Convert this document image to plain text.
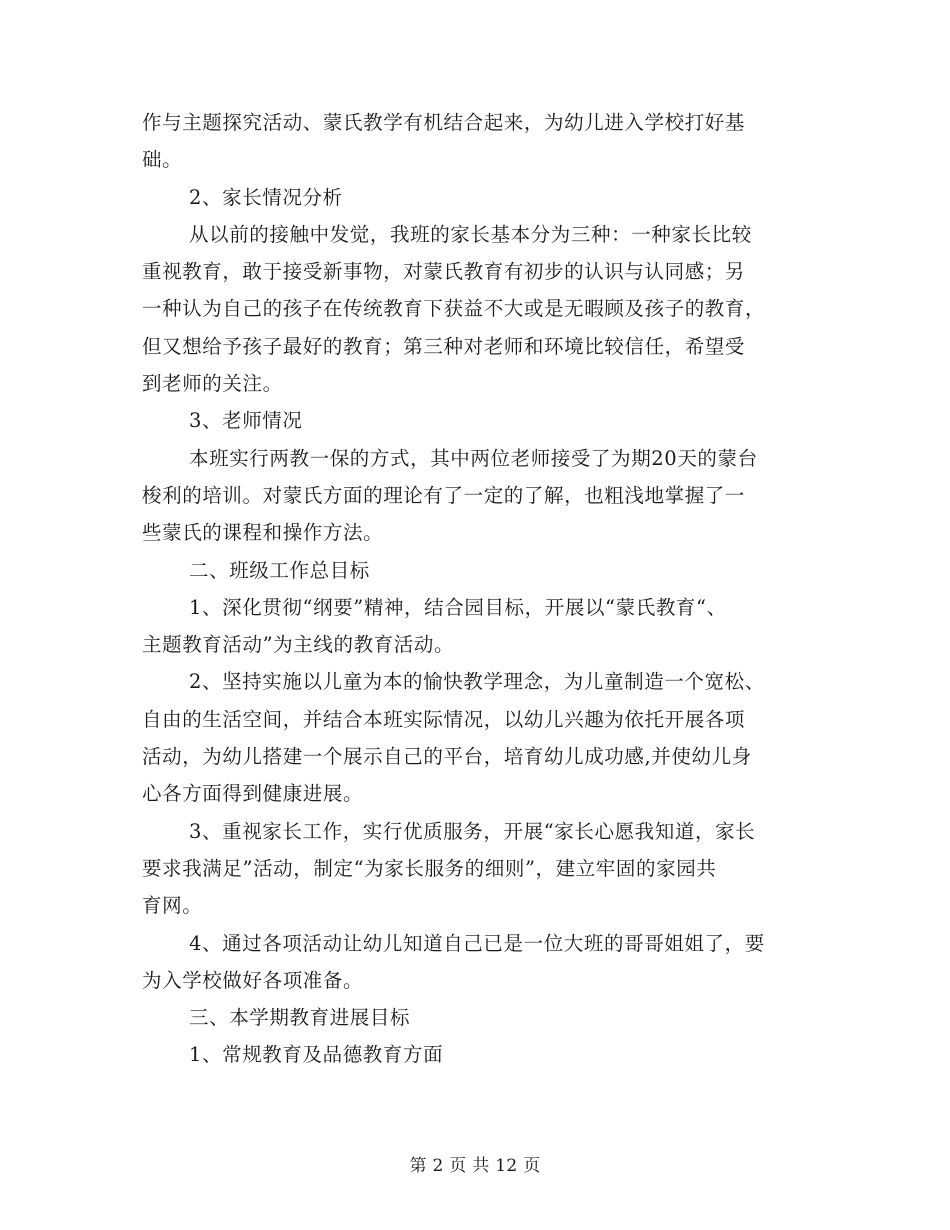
作与主题探究活动、蒙氏教学有机结合起来，为幼儿进入学校打好基
础。
2、家长情况分析
从以前的接触中发觉，我班的家长基本分为三种：一种家长比较
重视教育，敢于接受新事物，对蒙氏教育有初步的认识与认同感；另
一种认为自己的孩子在传统教育下获益不大或是无暇顾及孩子的教育，
但又想给予孩子最好的教育；第三种对老师和环境比较信任，希望受
到老师的关注。
3、老师情况
本班实行两教一保的方式，其中两位老师接受了为期20天的蒙台
梭利的培训。对蒙氏方面的理论有了一定的了解，也粗浅地掌握了一
些蒙氏的课程和操作方法。
二、班级工作总目标
1、深化贯彻“纲要”精神，结合园目标，开展以“蒙氏教育“、
主题教育活动”为主线的教育活动。
2、坚持实施以儿童为本的愉快教学理念，为儿童制造一个宽松、
自由的生活空间，并结合本班实际情况，以幼儿兴趣为依托开展各项
活动，为幼儿搭建一个展示自己的平台，培育幼儿成功感,并使幼儿身
心各方面得到健康进展。
3、重视家长工作，实行优质服务，开展“家长心愿我知道，家长
要求我满足”活动，制定“为家长服务的细则”，建立牢固的家园共
育网。
4、通过各项活动让幼儿知道自己已是一位大班的哥哥姐姐了，要
为入学校做好各项准备。
三、本学期教育进展目标
1、常规教育及品德教育方面
第 2 页 共 12 页
